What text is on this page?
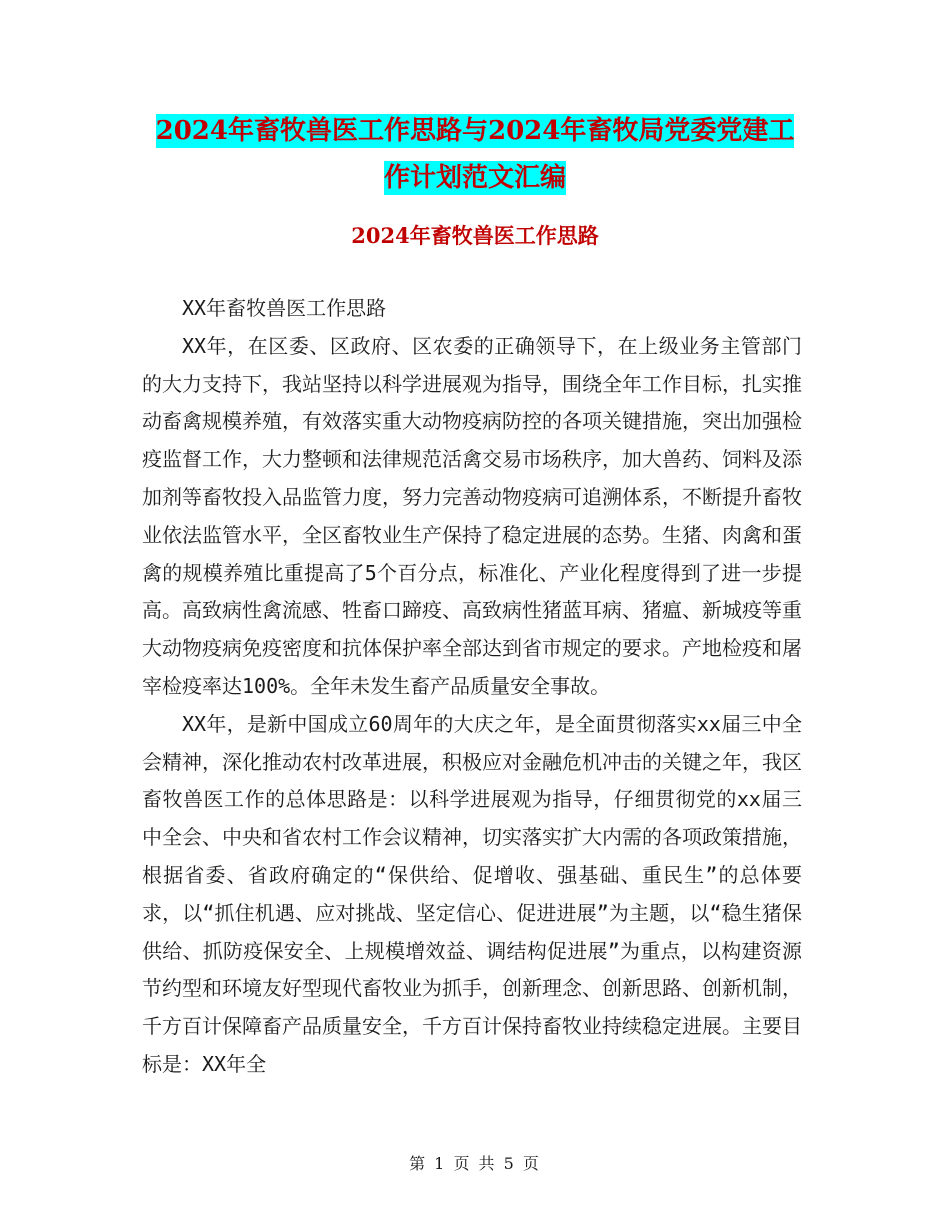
2024年畜牧兽医工作思路与2024年畜牧局党委党建工
作计划范文汇编
2024年畜牧兽医工作思路

XX年畜牧兽医工作思路

XX年，在区委、区政府、区农委的正确领导下，在上级业务主管部门的大力支持下，我站坚持以科学进展观为指导，围绕全年工作目标，扎实推动畜禽规模养殖，有效落实重大动物疫病防控的各项关键措施，突出加强检疫监督工作，大力整顿和法律规范活禽交易市场秩序，加大兽药、饲料及添加剂等畜牧投入品监管力度，努力完善动物疫病可追溯体系，不断提升畜牧业依法监管水平，全区畜牧业生产保持了稳定进展的态势。生猪、肉禽和蛋禽的规模养殖比重提高了5个百分点，标准化、产业化程度得到了进一步提高。高致病性禽流感、牲畜口蹄疫、高致病性猪蓝耳病、猪瘟、新城疫等重大动物疫病免疫密度和抗体保护率全部达到省市规定的要求。产地检疫和屠宰检疫率达100%。全年未发生畜产品质量安全事故。

XX年，是新中国成立60周年的大庆之年，是全面贯彻落实xx届三中全会精神，深化推动农村改革进展，积极应对金融危机冲击的关键之年，我区畜牧兽医工作的总体思路是：以科学进展观为指导，仔细贯彻党的xx届三中全会、中央和省农村工作会议精神，切实落实扩大内需的各项政策措施，根据省委、省政府确定的“保供给、促增收、强基础、重民生”的总体要求，以“抓住机遇、应对挑战、坚定信心、促进进展”为主题，以“稳生猪保供给、抓防疫保安全、上规模增效益、调结构促进展”为重点，以构建资源节约型和环境友好型现代畜牧业为抓手，创新理念、创新思路、创新机制，千方百计保障畜产品质量安全，千方百计保持畜牧业持续稳定进展。主要目标是：XX年全

第 1 页 共 5 页
